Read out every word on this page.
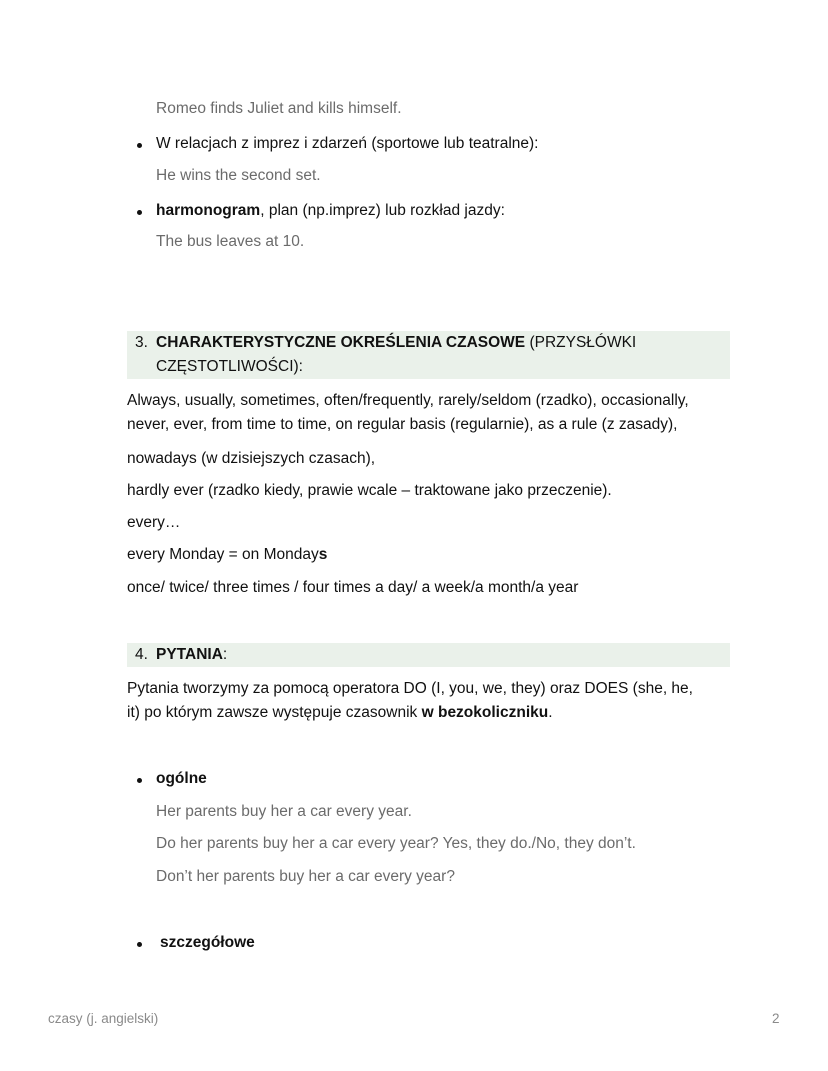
Romeo finds Juliet and kills himself.
W relacjach z imprez i zdarzeń (sportowe lub teatralne):
He wins the second set.
harmonogram, plan (np.imprez) lub rozkład jazdy:
The bus leaves at 10.
3. CHARAKTERYSTYCZNE OKREŚLENIA CZASOWE (PRZYSŁÓWKI
CZĘSTOTLIWOŚCI):
Always, usually, sometimes, often/frequently, rarely/seldom (rzadko), occasionally,
never, ever, from time to time, on regular basis (regularnie), as a rule (z zasady),
nowadays (w dzisiejszych czasach),
hardly ever (rzadko kiedy, prawie wcale – traktowane jako przeczenie).
every…
every Monday = on Mondays
once/ twice/ three times / four times a day/ a week/a month/a year
4. PYTANIA:
Pytania tworzymy za pomocą operatora DO (I, you, we, they) oraz DOES (she, he,
it) po którym zawsze występuje czasownik w bezokoliczniku.
ogólne
Her parents buy her a car every year.
Do her parents buy her a car every year? Yes, they do./No, they don’t.
Don’t her parents buy her a car every year?
szczegółowe
czasy (j. angielski)	2
